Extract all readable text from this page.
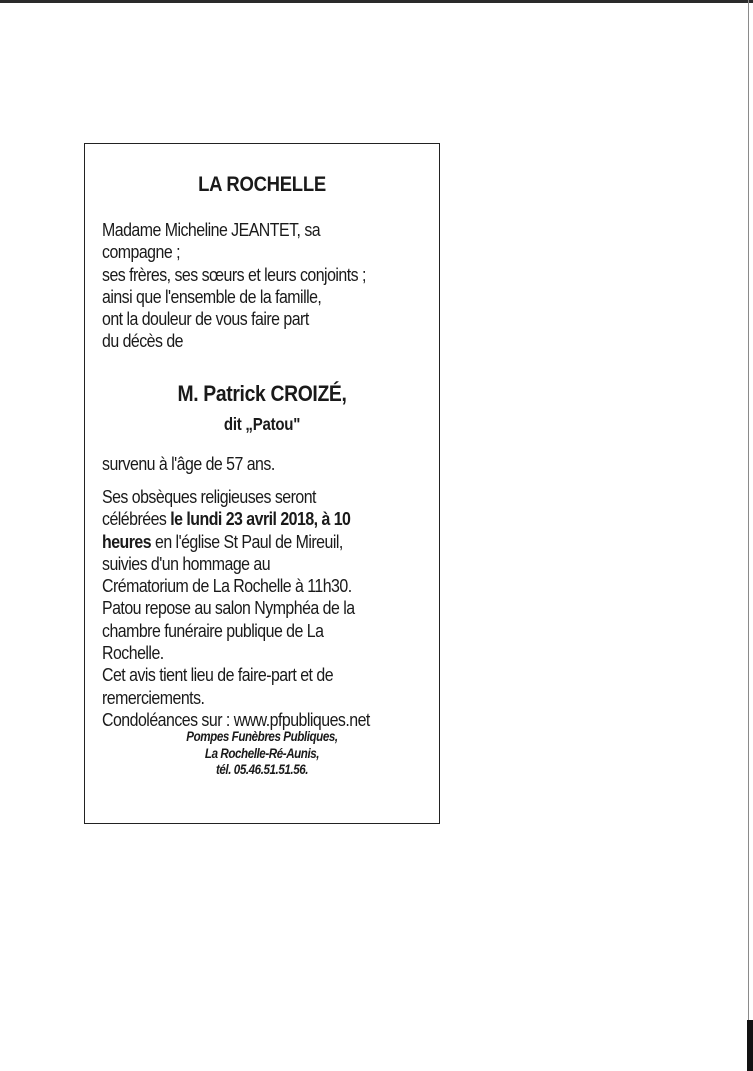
LA ROCHELLE
Madame Micheline JEANTET, sa
compagne ;
ses frères, ses sœurs et leurs conjoints ;
ainsi que l'ensemble de la famille,
ont la douleur de vous faire part
du décès de
survenu à l'âge de 57 ans.
Ses obsèques religieuses seront
célébrées le lundi 23 avril 2018, à 10
heures en l'église St Paul de Mireuil,
suivies d'un hommage au
Crématorium de La Rochelle à 11h30.
Patou repose au salon Nymphéa de la
chambre funéraire publique de La
Rochelle.
Cet avis tient lieu de faire-part et de
remerciements.
Condoléances sur : www.pfpubliques.net
M. Patrick CROIZÉ,
dit „Patou"
Pompes Funèbres Publiques,
La Rochelle-Ré-Aunis,
tél. 05.46.51.51.56.
